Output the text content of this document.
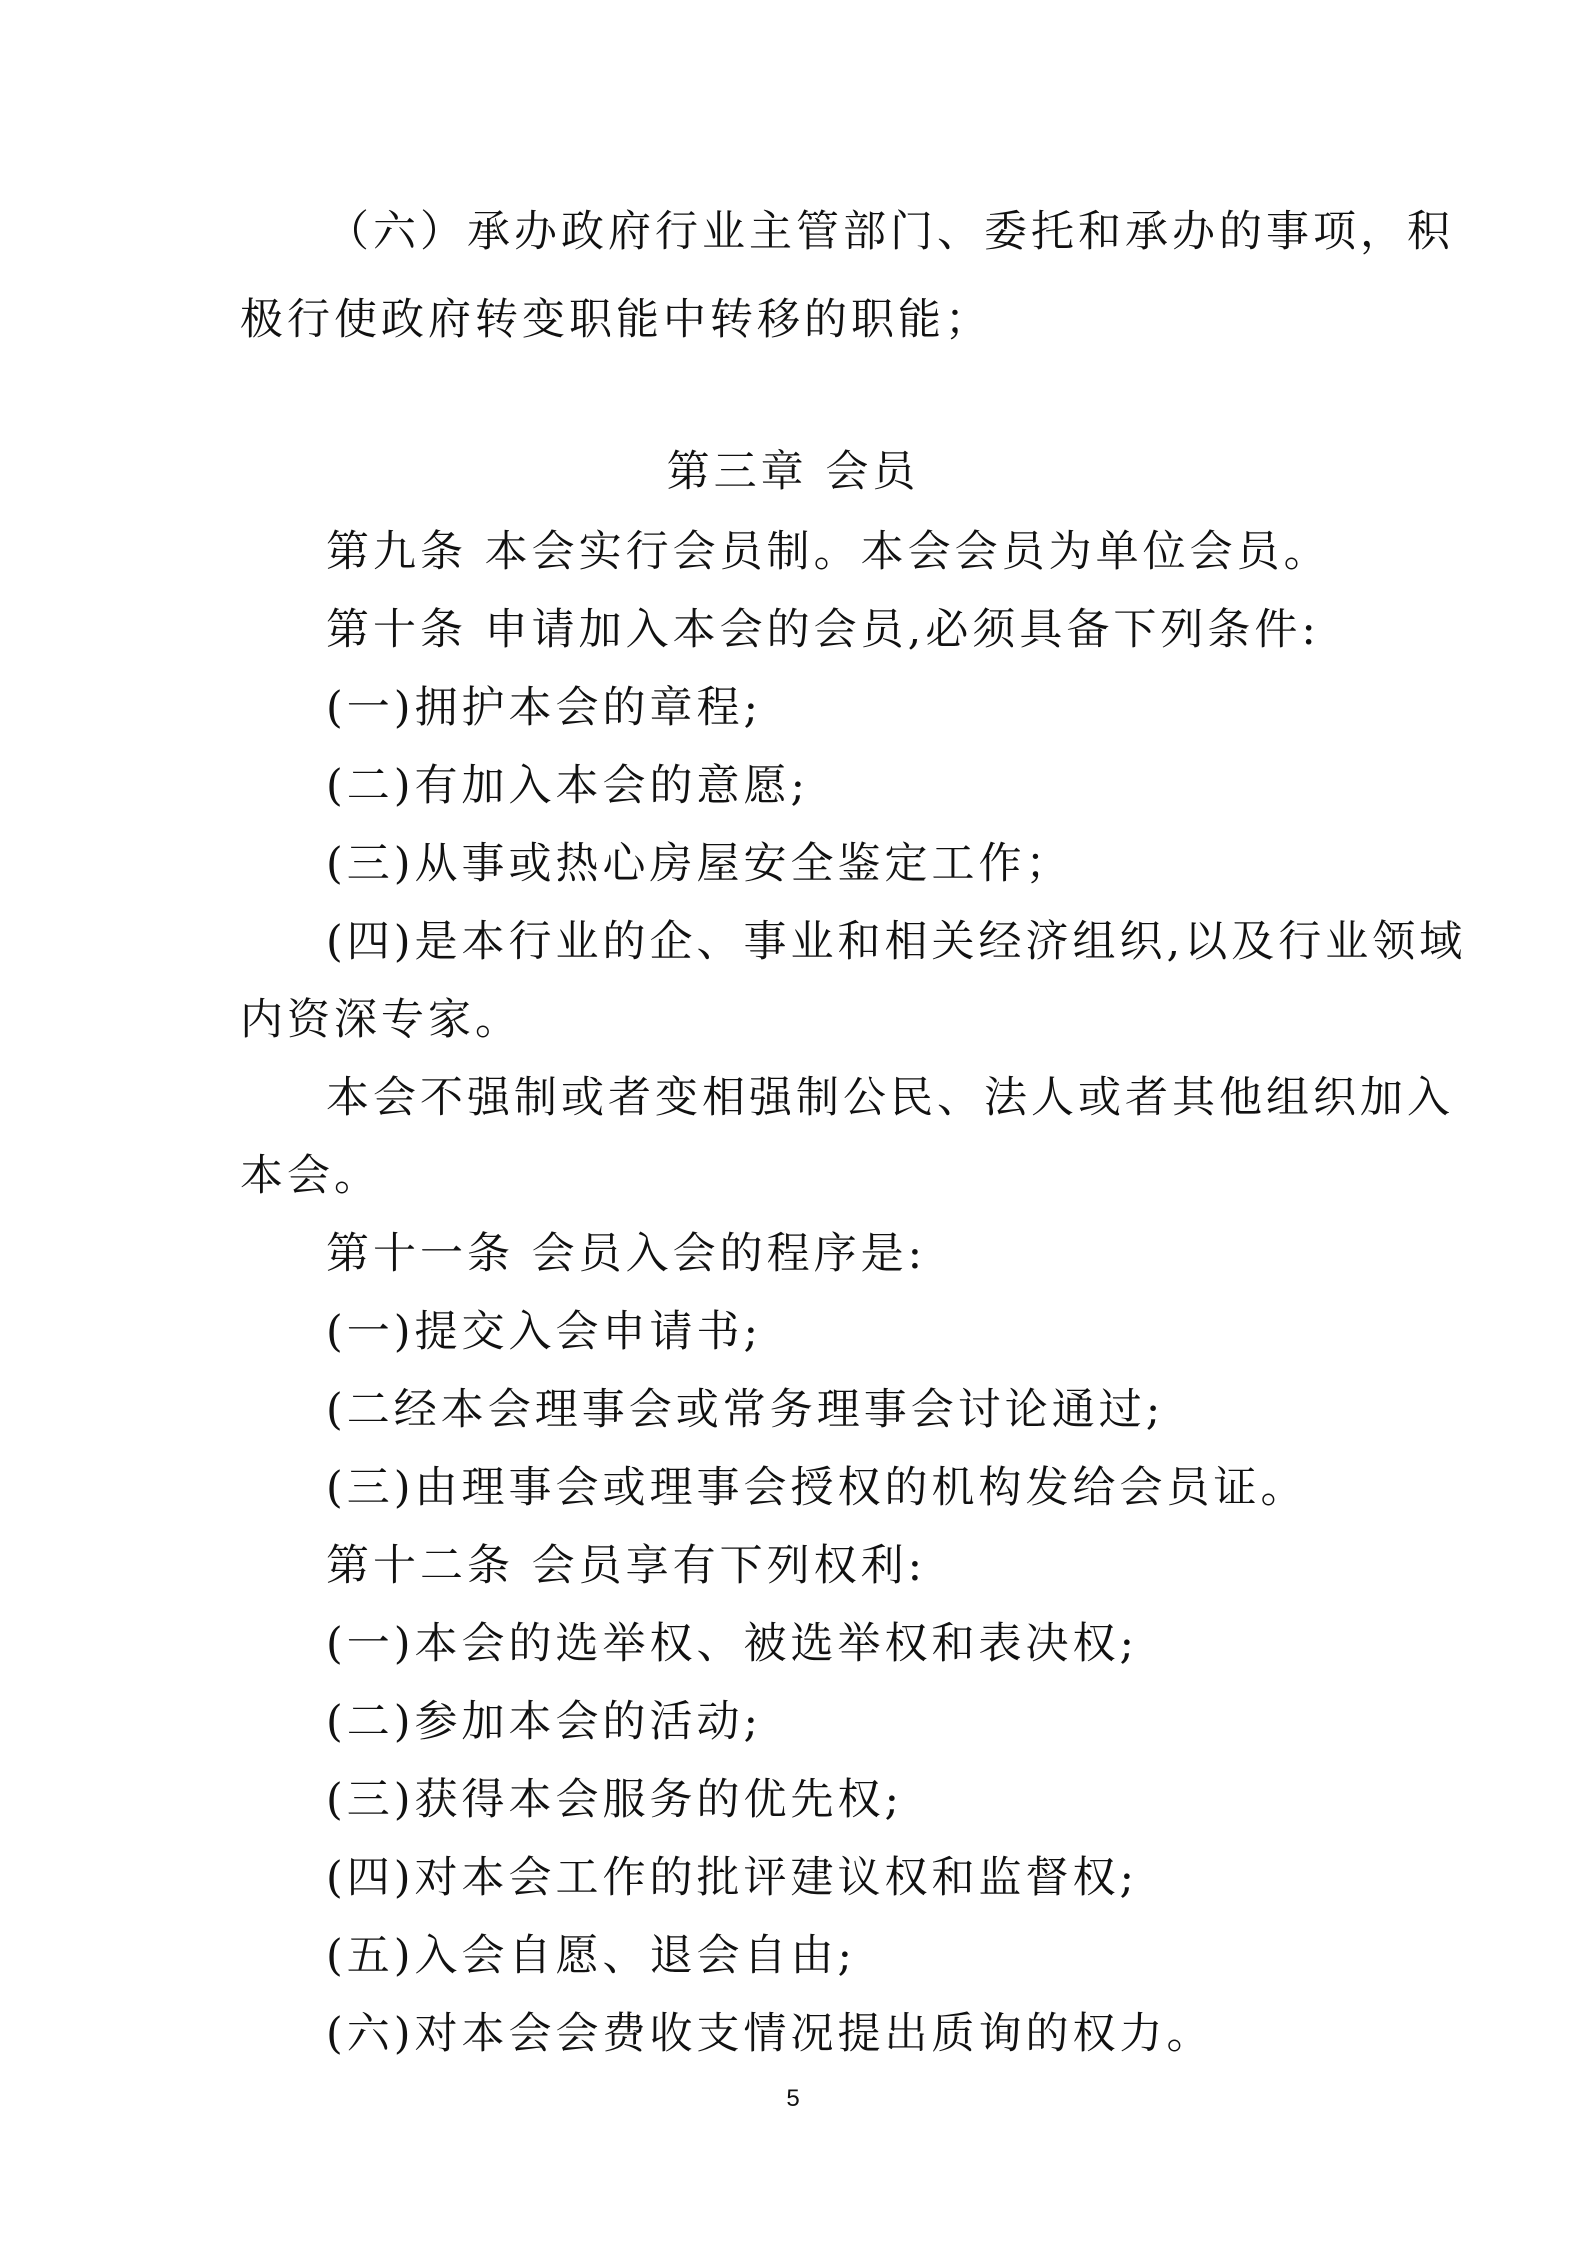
（六）承办政府行业主管部门、委托和承办的事项，积
极行使政府转变职能中转移的职能；
第三章 会员
第九条 本会实行会员制。本会会员为单位会员。
第十条 申请加入本会的会员,必须具备下列条件:
(一)拥护本会的章程;
(二)有加入本会的意愿;
(三)从事或热心房屋安全鉴定工作；
(四)是本行业的企、事业和相关经济组织,以及行业领域
内资深专家。
本会不强制或者变相强制公民、法人或者其他组织加入
本会。
第十一条 会员入会的程序是:
(一)提交入会申请书;
(二经本会理事会或常务理事会讨论通过;
(三)由理事会或理事会授权的机构发给会员证。
第十二条 会员享有下列权利:
(一)本会的选举权、被选举权和表决权;
(二)参加本会的活动;
(三)获得本会服务的优先权;
(四)对本会工作的批评建议权和监督权;
(五)入会自愿、退会自由;
(六)对本会会费收支情况提出质询的权力。
5
